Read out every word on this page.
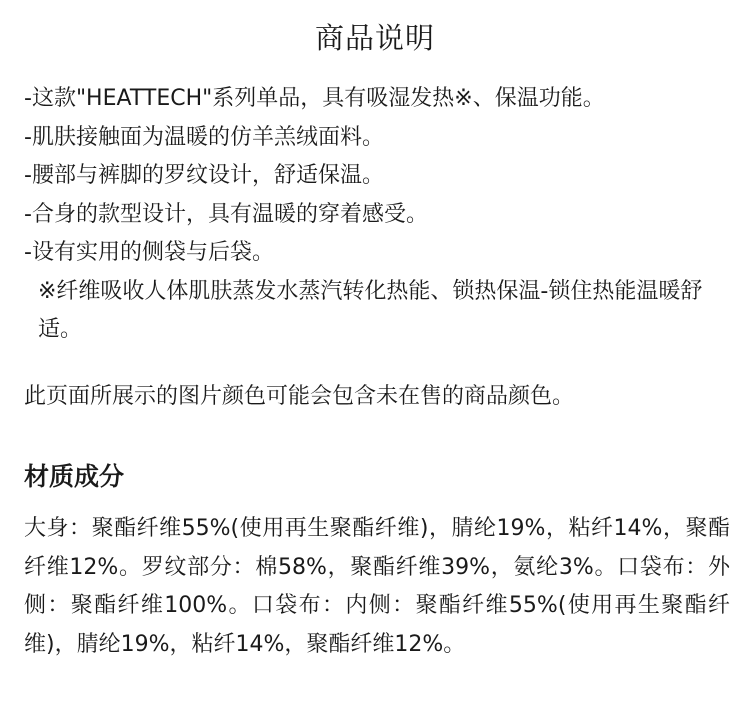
商品说明
-这款"HEATTECH"系列单品，具有吸湿发热※、保温功能。
-肌肤接触面为温暖的仿羊羔绒面料。
-腰部与裤脚的罗纹设计，舒适保温。
-合身的款型设计，具有温暖的穿着感受。
-设有实用的侧袋与后袋。
※纤维吸收人体肌肤蒸发水蒸汽转化热能、锁热保温-锁住热能温暖舒适。
此页面所展示的图片颜色可能会包含未在售的商品颜色。
材质成分
大身：聚酯纤维55%(使用再生聚酯纤维)，腈纶19%，粘纤14%，聚酯纤维12%。罗纹部分：棉58%，聚酯纤维39%，氨纶3%。口袋布：外侧：聚酯纤维100%。口袋布：内侧：聚酯纤维55%(使用再生聚酯纤维)，腈纶19%，粘纤14%，聚酯纤维12%。
